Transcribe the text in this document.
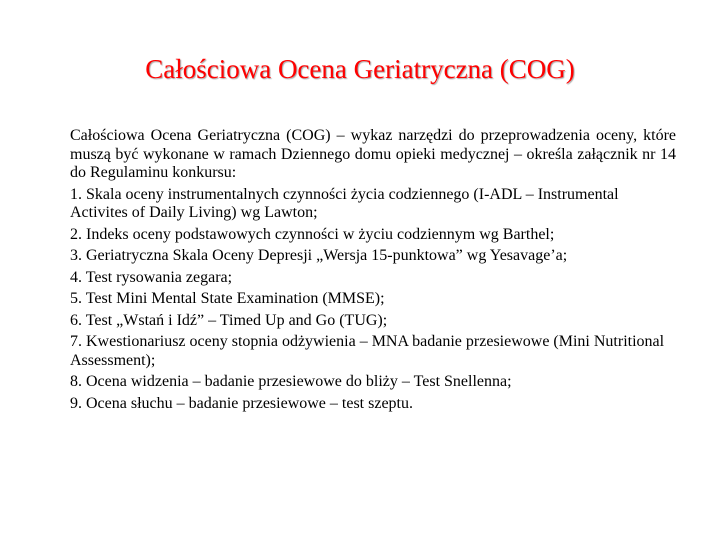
Całościowa Ocena Geriatryczna (COG)

Całościowa Ocena Geriatryczna (COG) – wykaz narzędzi do przeprowadzenia oceny, które muszą być wykonane w ramach Dziennego domu opieki medycznej – określa załącznik nr 14 do Regulaminu konkursu:

1. Skala oceny instrumentalnych czynności życia codziennego (I-ADL – Instrumental Activites of Daily Living) wg Lawton;

2. Indeks oceny podstawowych czynności w życiu codziennym wg Barthel;

3. Geriatryczna Skala Oceny Depresji „Wersja 15-punktowa” wg Yesavage’a;

4. Test rysowania zegara;

5. Test Mini Mental State Examination (MMSE);

6. Test „Wstań i Idź” – Timed Up and Go (TUG);

7. Kwestionariusz oceny stopnia odżywienia – MNA badanie przesiewowe (Mini Nutritional Assessment);

8. Ocena widzenia – badanie przesiewowe do bliży – Test Snellenna;

9. Ocena słuchu – badanie przesiewowe – test szeptu.
